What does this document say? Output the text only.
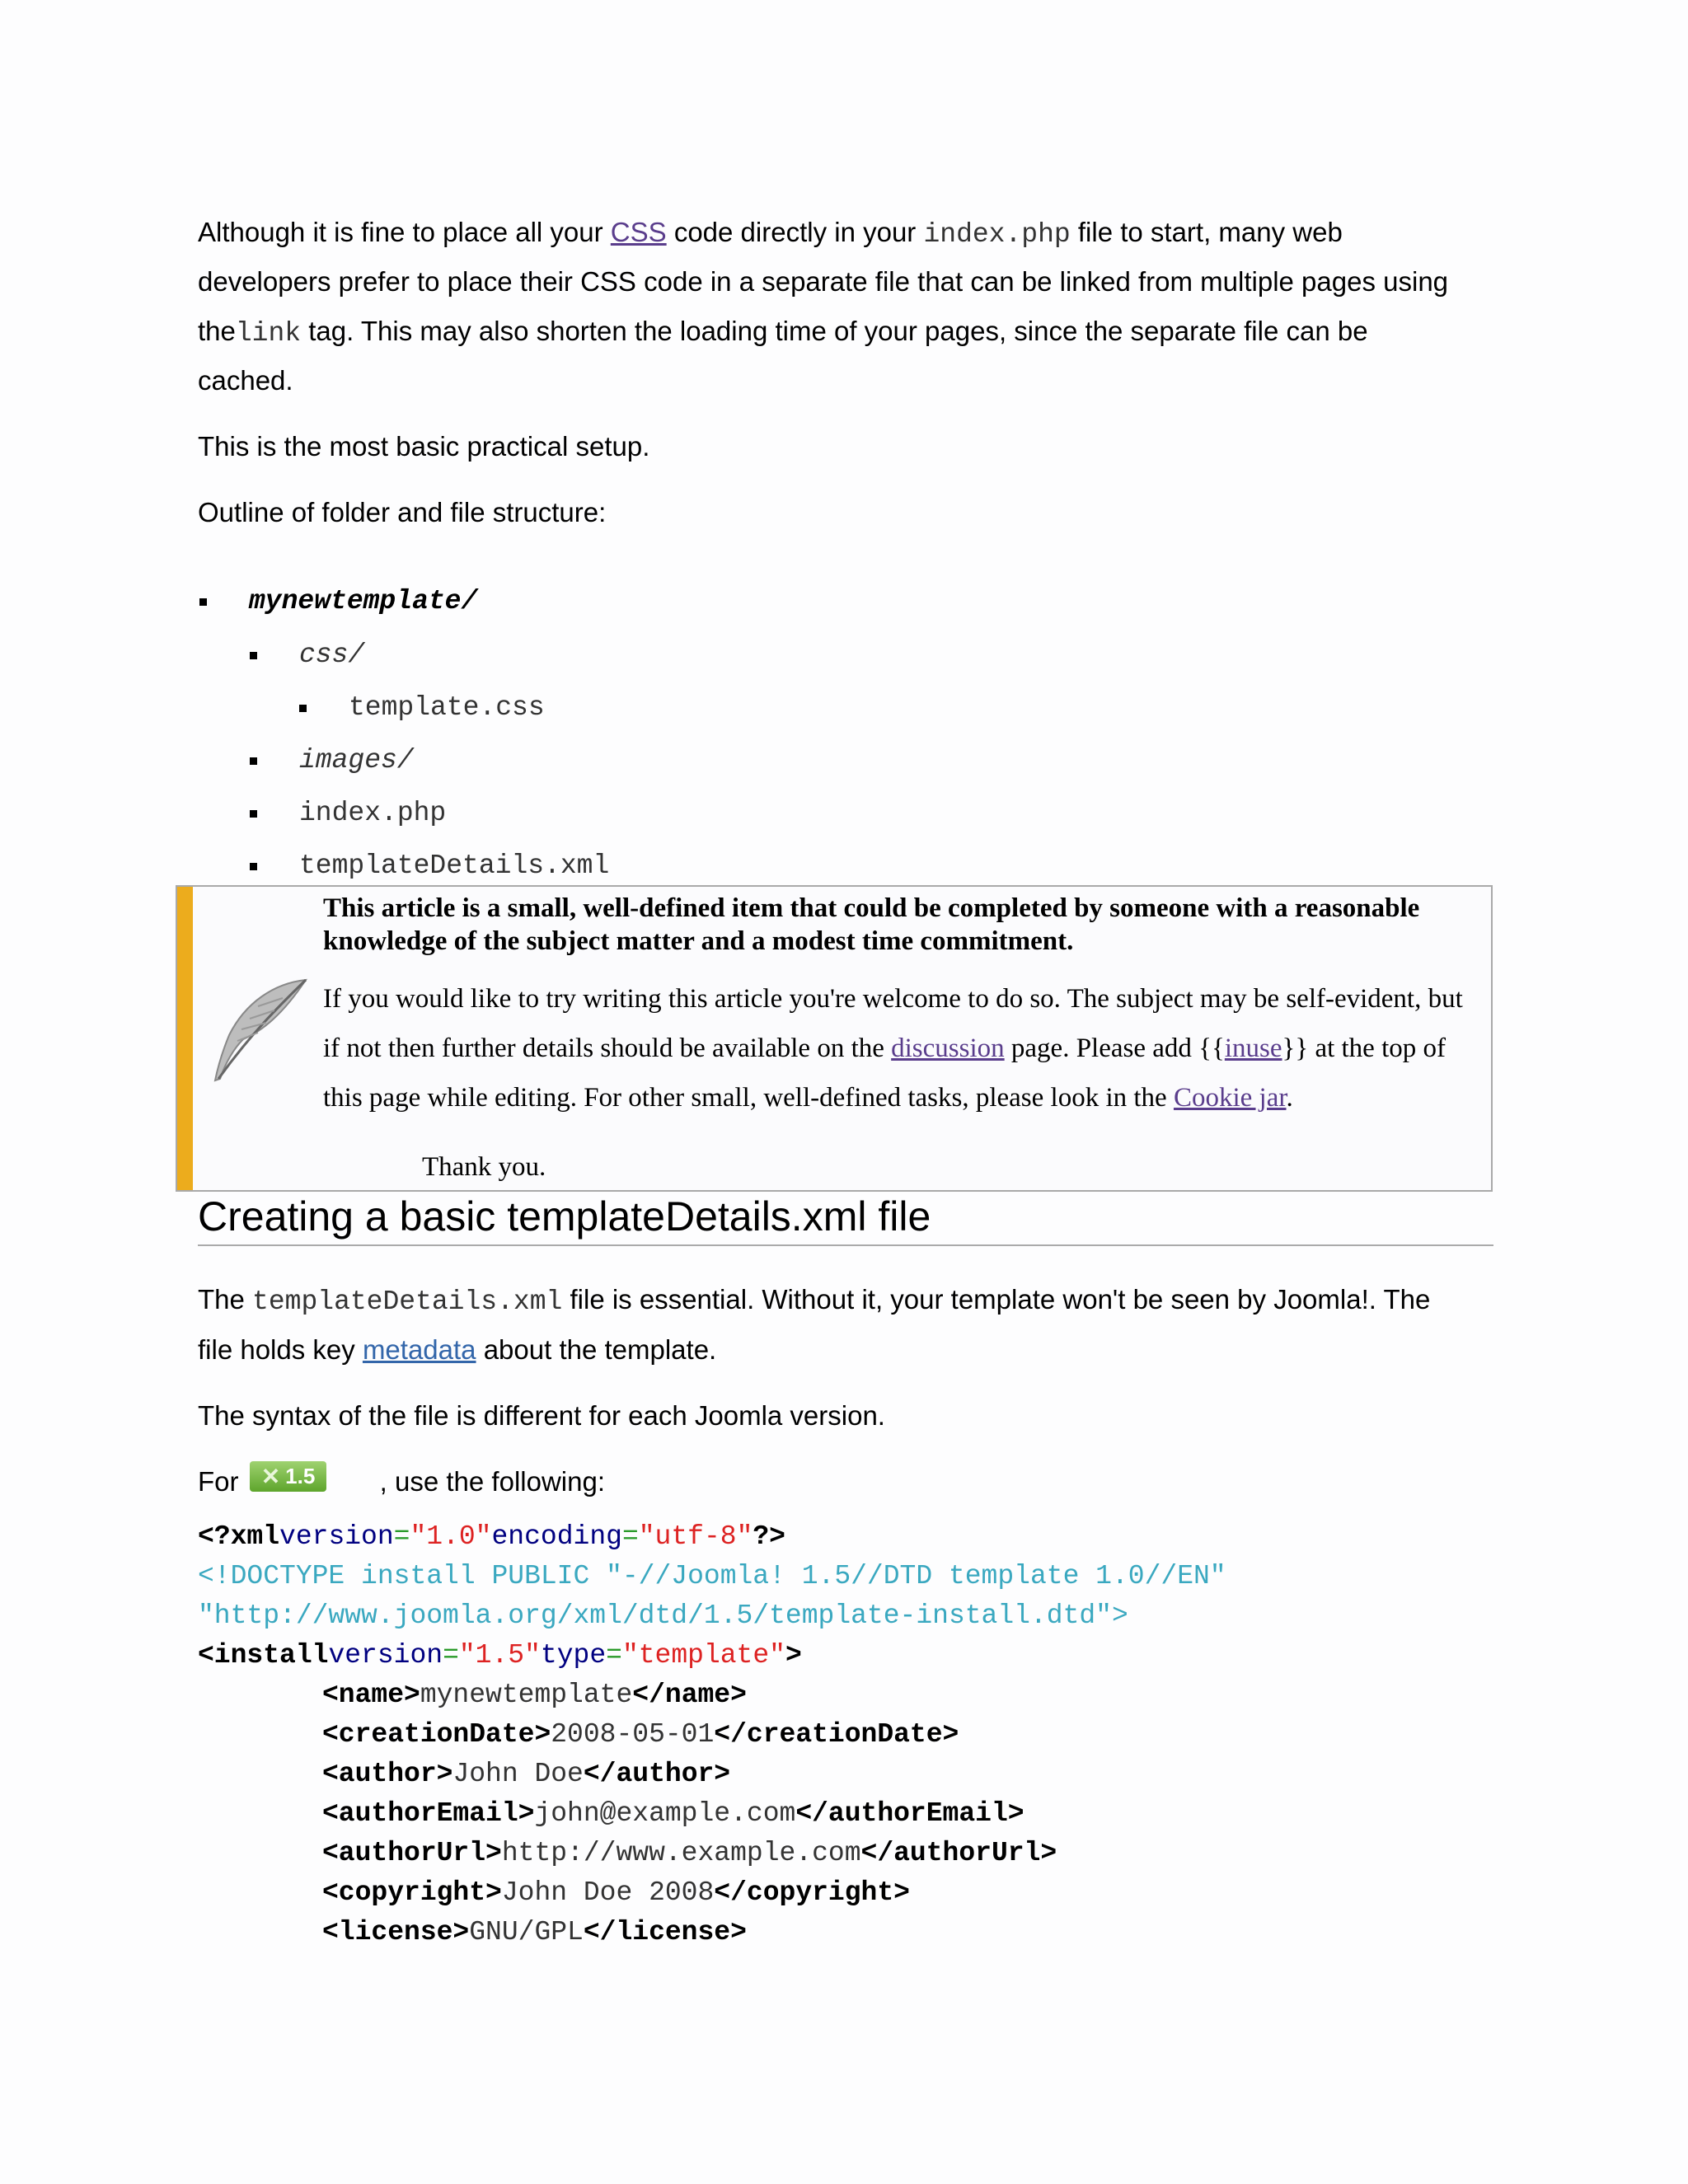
Although it is fine to place all your CSS code directly in your index.php file to start, many web
developers prefer to place their CSS code in a separate file that can be linked from multiple pages using
thelink tag. This may also shorten the loading time of your pages, since the separate file can be
cached.
This is the most basic practical setup.
Outline of folder and file structure:
mynewtemplate/
css/
template.css
images/
index.php
templateDetails.xml
This article is a small, well-defined item that could be completed by someone with a reasonable knowledge of the subject matter and a modest time commitment.
If you would like to try writing this article you're welcome to do so. The subject may be self-evident, but
if not then further details should be available on the discussion page. Please add {{inuse}} at the top of
this page while editing. For other small, well-defined tasks, please look in the Cookie jar.
Thank you.
Creating a basic templateDetails.xml file
The templateDetails.xml file is essential. Without it, your template won't be seen by Joomla!. The
file holds key metadata about the template.
The syntax of the file is different for each Joomla version.
For	, use the following:
✕ 1.5
<?xmlversion="1.0"encoding="utf-8"?>
<!DOCTYPE install PUBLIC "-//Joomla! 1.5//DTD template 1.0//EN"
"http://www.joomla.org/xml/dtd/1.5/template-install.dtd">
<installversion="1.5"type="template">
<name>mynewtemplate</name>
<creationDate>2008-05-01</creationDate>
<author>John Doe</author>
<authorEmail>john@example.com</authorEmail>
<authorUrl>http://www.example.com</authorUrl>
<copyright>John Doe 2008</copyright>
<license>GNU/GPL</license>
